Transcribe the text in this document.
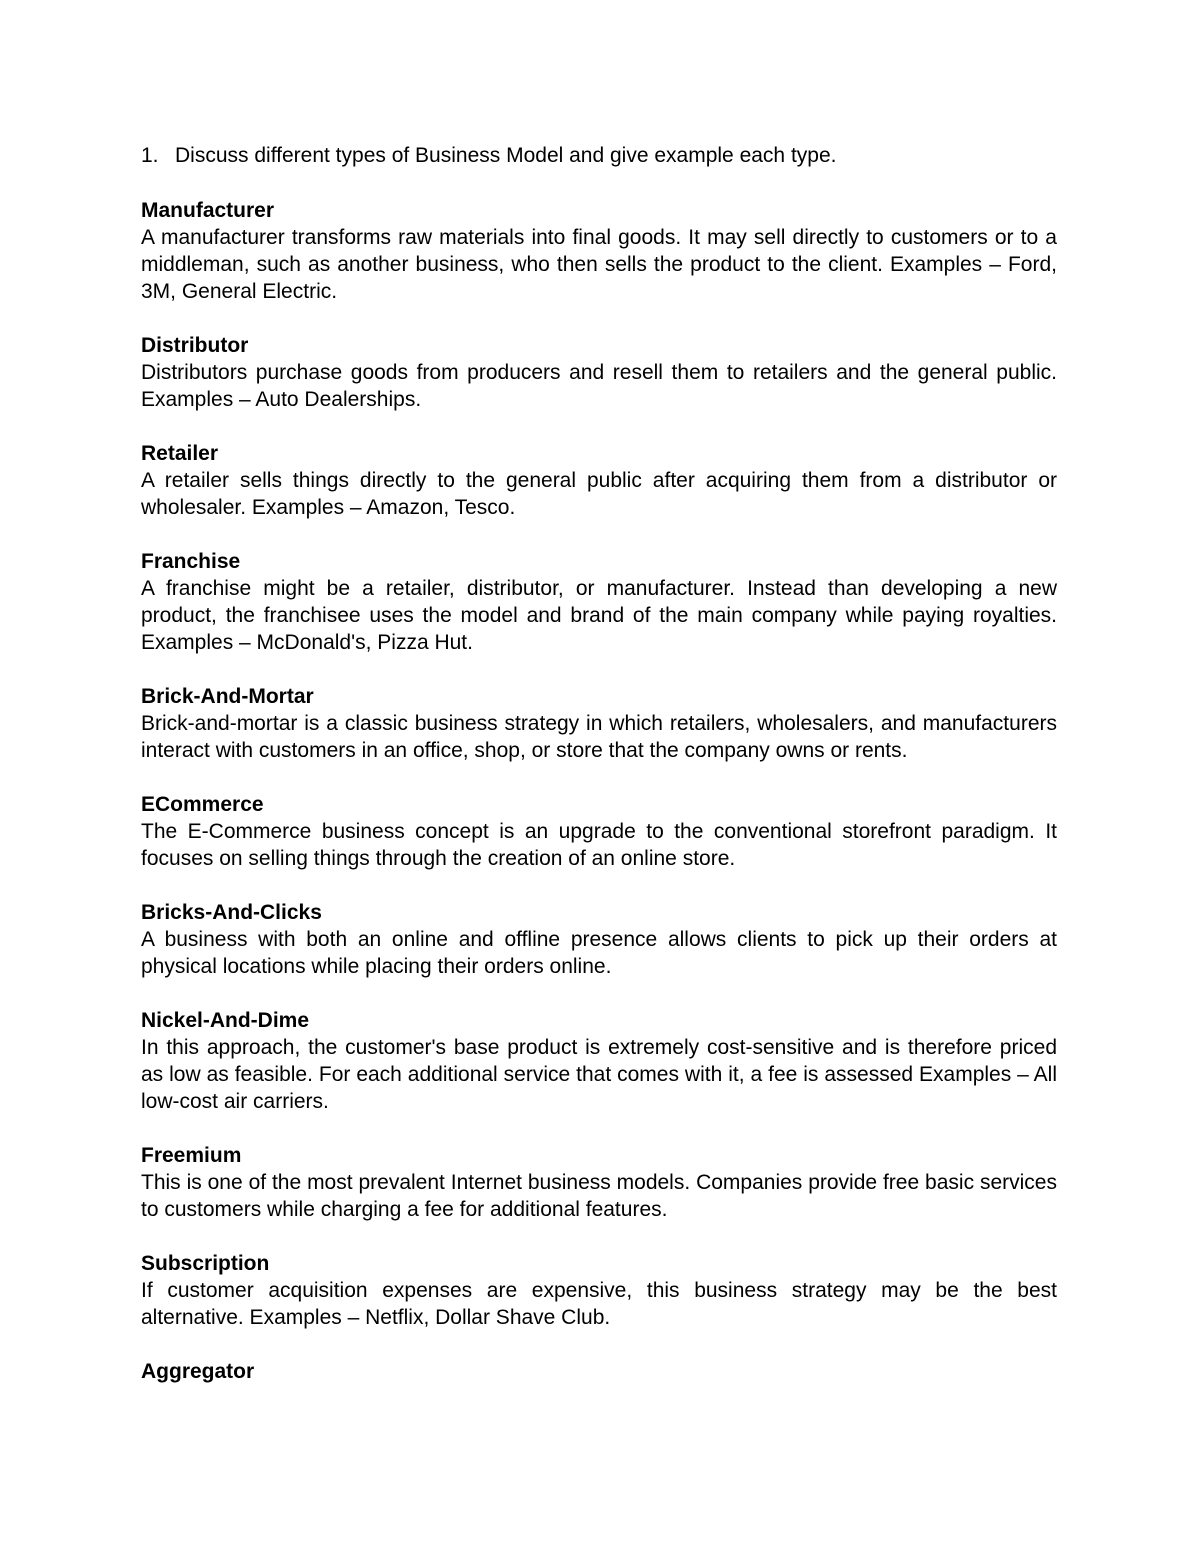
1. Discuss different types of Business Model and give example each type.

Manufacturer

A manufacturer transforms raw materials into final goods. It may sell directly to customers or to a middleman, such as another business, who then sells the product to the client. Examples – Ford, 3M, General Electric.

Distributor

Distributors purchase goods from producers and resell them to retailers and the general public. Examples – Auto Dealerships.

Retailer

A retailer sells things directly to the general public after acquiring them from a distributor or wholesaler. Examples – Amazon, Tesco.

Franchise

A franchise might be a retailer, distributor, or manufacturer. Instead than developing a new product, the franchisee uses the model and brand of the main company while paying royalties. Examples – McDonald's, Pizza Hut.

Brick-And-Mortar

Brick-and-mortar is a classic business strategy in which retailers, wholesalers, and manufacturers interact with customers in an office, shop, or store that the company owns or rents.

ECommerce

The E-Commerce business concept is an upgrade to the conventional storefront paradigm. It focuses on selling things through the creation of an online store.

Bricks-And-Clicks

A business with both an online and offline presence allows clients to pick up their orders at physical locations while placing their orders online.

Nickel-And-Dime

In this approach, the customer's base product is extremely cost-sensitive and is therefore priced as low as feasible. For each additional service that comes with it, a fee is assessed Examples – All low-cost air carriers.

Freemium

This is one of the most prevalent Internet business models. Companies provide free basic services to customers while charging a fee for additional features.

Subscription

If customer acquisition expenses are expensive, this business strategy may be the best alternative. Examples – Netflix, Dollar Shave Club.

Aggregator
